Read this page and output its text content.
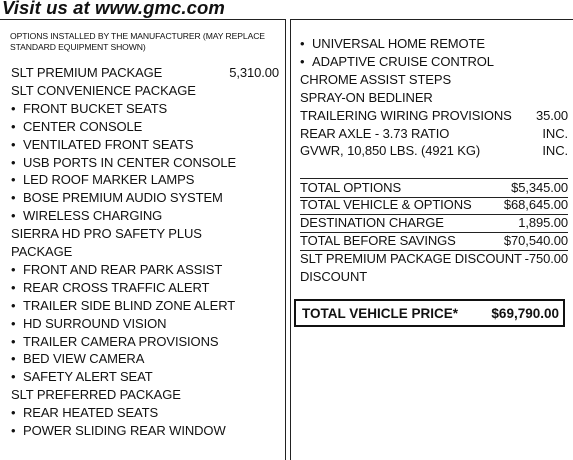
Visit us at www.gmc.com
OPTIONS INSTALLED BY THE MANUFACTURER (MAY REPLACE STANDARD EQUIPMENT SHOWN)
SLT PREMIUM PACKAGE	5,310.00
SLT CONVENIENCE PACKAGE
• FRONT BUCKET SEATS
• CENTER CONSOLE
• VENTILATED FRONT SEATS
• USB PORTS IN CENTER CONSOLE
• LED ROOF MARKER LAMPS
• BOSE PREMIUM AUDIO SYSTEM
• WIRELESS CHARGING
SIERRA HD PRO SAFETY PLUS
PACKAGE
• FRONT AND REAR PARK ASSIST
• REAR CROSS TRAFFIC ALERT
• TRAILER SIDE BLIND ZONE ALERT
• HD SURROUND VISION
• TRAILER CAMERA PROVISIONS
• BED VIEW CAMERA
• SAFETY ALERT SEAT
SLT PREFERRED PACKAGE
• REAR HEATED SEATS
• POWER SLIDING REAR WINDOW
• UNIVERSAL HOME REMOTE
• ADAPTIVE CRUISE CONTROL
CHROME ASSIST STEPS
SPRAY-ON BEDLINER
TRAILERING WIRING PROVISIONS 35.00
REAR AXLE - 3.73 RATIO	INC.
GVWR, 10,850 LBS. (4921 KG)	INC.
TOTAL OPTIONS	$5,345.00
TOTAL VEHICLE & OPTIONS $68,645.00
DESTINATION CHARGE	1,895.00
TOTAL BEFORE SAVINGS	$70,540.00
SLT PREMIUM PACKAGE DISCOUNT -750.00
DISCOUNT
TOTAL VEHICLE PRICE* $69,790.00
